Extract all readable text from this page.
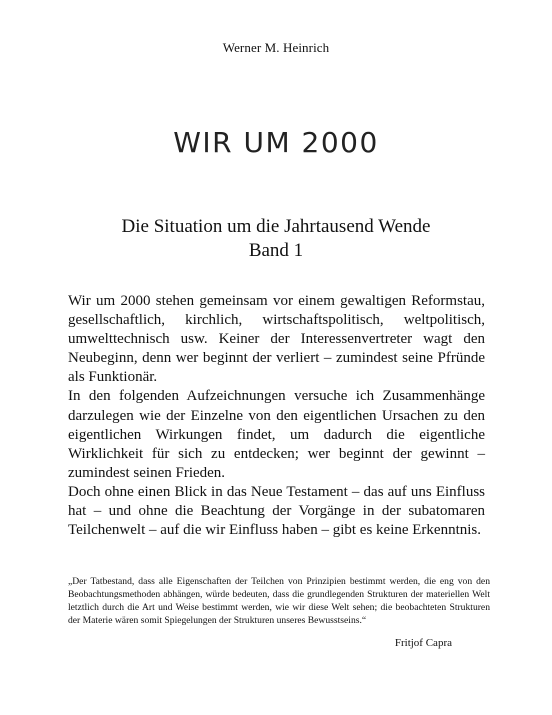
Werner M. Heinrich
WIR UM 2000
Die Situation um die Jahrtausend Wende
Band 1

Wir um 2000 stehen gemeinsam vor einem gewaltigen Reformstau, gesellschaftlich, kirchlich, wirtschaftspolitisch, weltpolitisch, umwelttechnisch usw. Keiner der Interessenvertreter wagt den Neubeginn, denn wer beginnt der verliert – zumindest seine Pfründe als Funktionär.

In den folgenden Aufzeichnungen versuche ich Zusammenhänge darzulegen wie der Einzelne von den eigentlichen Ursachen zu den eigentlichen Wirkungen findet, um dadurch die eigentliche Wirklichkeit für sich zu entdecken; wer beginnt der gewinnt – zumindest seinen Frieden.

Doch ohne einen Blick in das Neue Testament – das auf uns Einfluss hat – und ohne die Beachtung der Vorgänge in der subatomaren Teilchenwelt – auf die wir Einfluss haben – gibt es keine Erkenntnis.

„Der Tatbestand, dass alle Eigenschaften der Teilchen von Prinzipien bestimmt werden, die eng von den Beobachtungsmethoden abhängen, würde bedeuten, dass die grundlegenden Strukturen der materiellen Welt letztlich durch die Art und Weise bestimmt werden, wie wir diese Welt sehen; die beobachteten Strukturen der Materie wären somit Spiegelungen der Strukturen unseres Bewusstseins.“
Fritjof Capra
